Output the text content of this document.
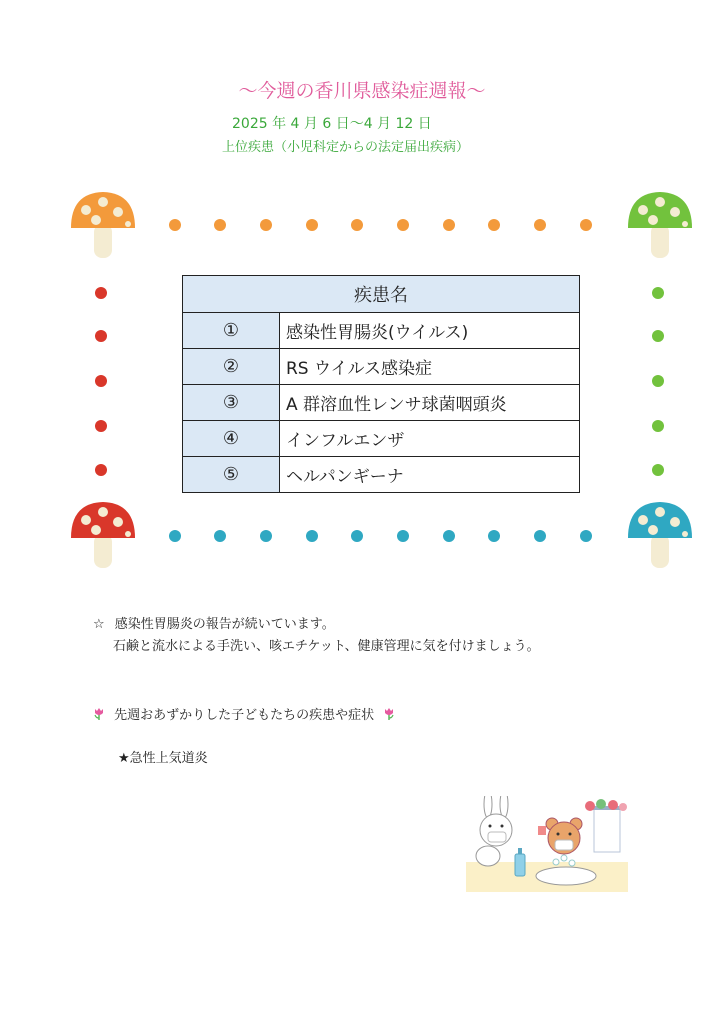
～今週の香川県感染症週報～
2025 年 4 月 6 日～4 月 12 日
上位疾患（小児科定からの法定届出疾病）
疾患名	
①	感染性胃腸炎(ウイルス)
②	RS ウイルス感染症
③	A 群溶血性レンサ球菌咽頭炎
④	インフルエンザ
⑤	ヘルパンギーナ
☆ 感染性胃腸炎の報告が続いています。
石鹸と流水による手洗い、咳エチケット、健康管理に気を付けましょう。
先週おあずかりした子どもたちの疾患や症状
★急性上気道炎
